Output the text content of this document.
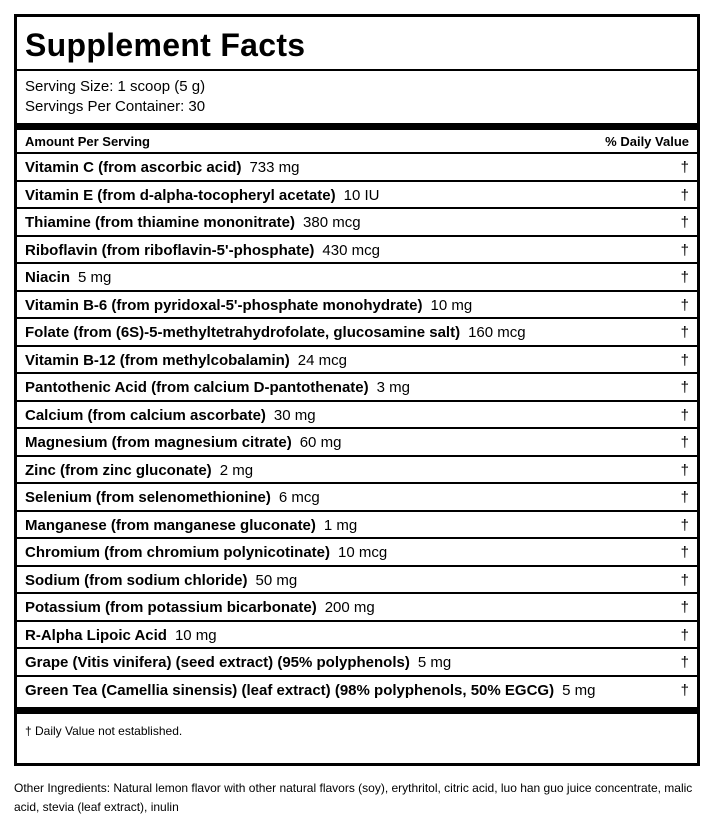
Supplement Facts
Serving Size: 1 scoop (5 g)
Servings Per Container: 30
Amount Per Serving	% Daily Value
Vitamin C (from ascorbic acid) 733 mg	†
Vitamin E (from d-alpha-tocopheryl acetate) 10 IU	†
Thiamine (from thiamine mononitrate) 380 mcg	†
Riboflavin (from riboflavin-5'-phosphate) 430 mcg	†
Niacin 5 mg	†
Vitamin B-6 (from pyridoxal-5'-phosphate monohydrate) 10 mg	†
Folate (from (6S)-5-methyltetrahydrofolate, glucosamine salt) 160 mcg	†
Vitamin B-12 (from methylcobalamin) 24 mcg	†
Pantothenic Acid (from calcium D-pantothenate) 3 mg	†
Calcium (from calcium ascorbate) 30 mg	†
Magnesium (from magnesium citrate) 60 mg	†
Zinc (from zinc gluconate) 2 mg	†
Selenium (from selenomethionine) 6 mcg	†
Manganese (from manganese gluconate) 1 mg	†
Chromium (from chromium polynicotinate) 10 mcg	†
Sodium (from sodium chloride) 50 mg	†
Potassium (from potassium bicarbonate) 200 mg	†
R-Alpha Lipoic Acid 10 mg	†
Grape (Vitis vinifera) (seed extract) (95% polyphenols) 5 mg	†
Green Tea (Camellia sinensis) (leaf extract) (98% polyphenols, 50% EGCG) 5 mg	†
† Daily Value not established.
Other Ingredients: Natural lemon flavor with other natural flavors (soy), erythritol, citric acid, luo han guo juice concentrate, malic acid, stevia (leaf extract), inulin
